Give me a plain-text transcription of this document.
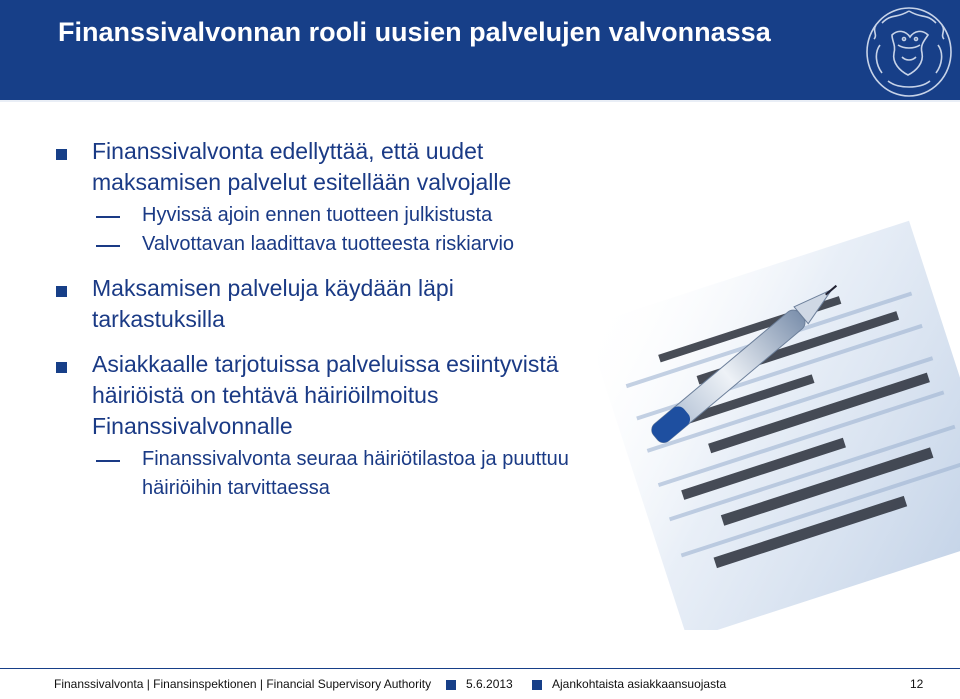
Finanssivalvonnan rooli uusien palvelujen valvonnassa
Finanssivalvonta edellyttää, että uudet maksamisen palvelut esitellään valvojalle
Hyvissä ajoin ennen tuotteen julkistusta
Valvottavan laadittava tuotteesta riskiarvio
Maksamisen palveluja käydään läpi tarkastuksilla
Asiakkaalle tarjotuissa palveluissa esiintyvistä häiriöistä on tehtävä häiriöilmoitus Finanssivalvonnalle
Finanssivalvonta seuraa häiriötilastoa ja puuttuu häiriöihin tarvittaessa
Finanssivalvonta | Finansinspektionen | Financial Supervisory Authority	5.6.2013	Ajankohtaista asiakkaansuojasta	12
